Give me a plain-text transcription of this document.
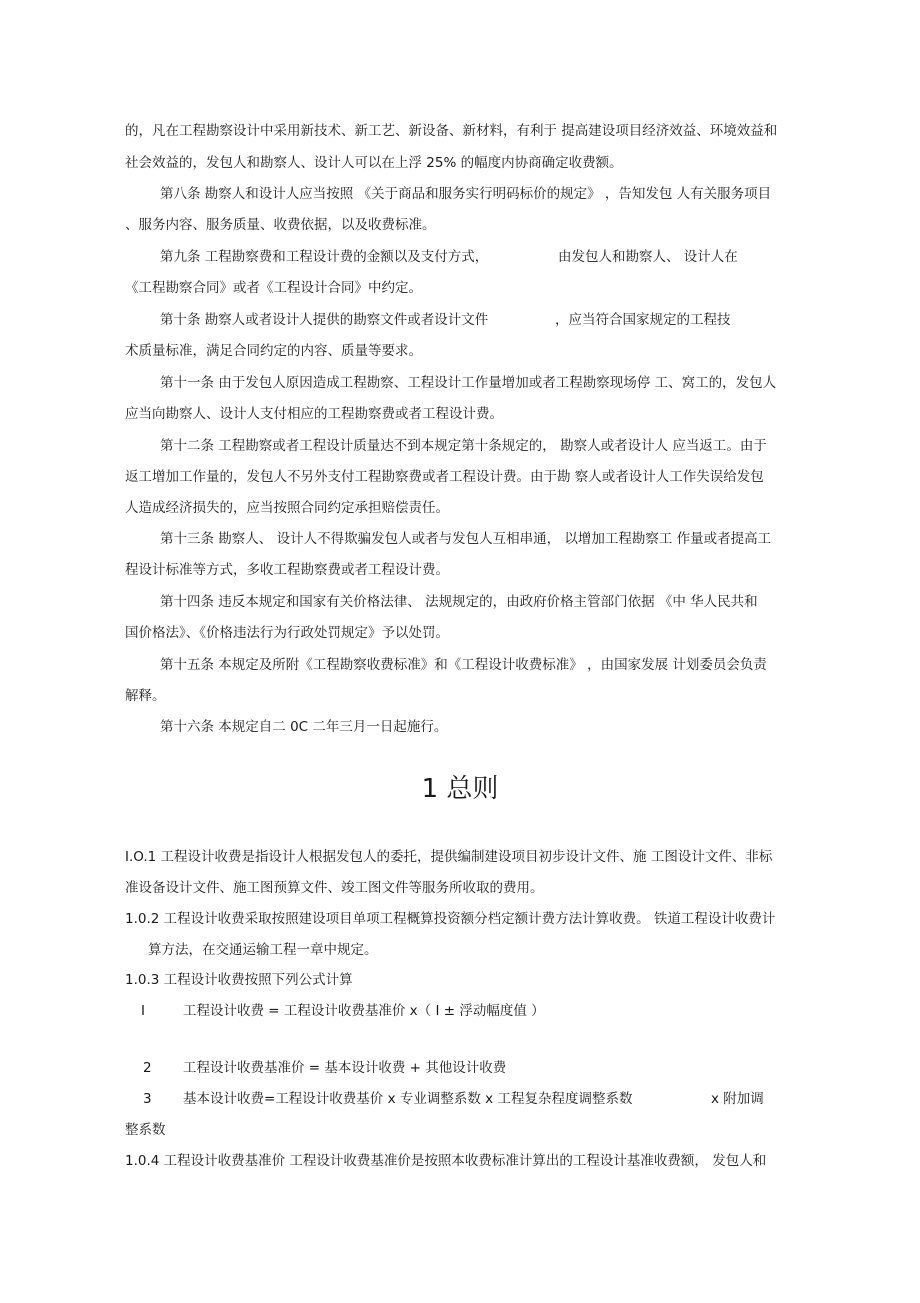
的，凡在工程勘察设计中采用新技术、新工艺、新设备、新材料，有利于 提高建设项目经济效益、环境效益和
社会效益的，发包人和勘察人、设计人可以在上浮 25% 的幅度内协商确定收费额。
第八条 勘察人和设计人应当按照 《关于商品和服务实行明码标价的规定》 ，告知发包 人有关服务项目
、服务内容、服务质量、收费依据，以及收费标准。
第九条 工程勘察费和工程设计费的金额以及支付方式，	由发包人和勘察人、 设计人在
《工程勘察合同》或者《工程设计合同》中约定。
第十条 勘察人或者设计人提供的勘察文件或者设计文件	，应当符合国家规定的工程技
术质量标准，满足合同约定的内容、质量等要求。
第十一条 由于发包人原因造成工程勘察、工程设计工作量增加或者工程勘察现场停 工、窝工的，发包人
应当向勘察人、设计人支付相应的工程勘察费或者工程设计费。
第十二条 工程勘察或者工程设计质量达不到本规定第十条规定的， 勘察人或者设计人 应当返工。由于
返工增加工作量的，发包人不另外支付工程勘察费或者工程设计费。由于勘 察人或者设计人工作失误给发包
人造成经济损失的，应当按照合同约定承担赔偿责任。
第十三条 勘察人、 设计人不得欺骗发包人或者与发包人互相串通， 以增加工程勘察工 作量或者提高工
程设计标准等方式，多收工程勘察费或者工程设计费。
第十四条 违反本规定和国家有关价格法律、 法规规定的，由政府价格主管部门依据 《中 华人民共和
国价格法》、《价格违法行为行政处罚规定》予以处罚。
第十五条 本规定及所附《工程勘察收费标准》和《工程设计收费标准》 ，由国家发展 计划委员会负责
解释。
第十六条 本规定自二 0C 二年三月一日起施行。
1 总则
I.O.1 工程设计收费是指设计人根据发包人的委托，提供编制建设项目初步设计文件、施 工图设计文件、非标
准设备设计文件、施工图预算文件、竣工图文件等服务所收取的费用。
1.0.2 工程设计收费采取按照建设项目单项工程概算投资额分档定额计费方法计算收费。 铁道工程设计收费计
算方法，在交通运输工程一章中规定。
1.0.3 工程设计收费按照下列公式计算
I	工程设计收费 = 工程设计收费基准价 x（ I ± 浮动幅度值 ）
2 工程设计收费基准价 = 基本设计收费 + 其他设计收费
3 基本设计收费=工程设计收费基价 x 专业调整系数 x 工程复杂程度调整系数	x 附加调
整系数
1.0.4 工程设计收费基准价 工程设计收费基准价是按照本收费标准计算出的工程设计基准收费额， 发包人和
